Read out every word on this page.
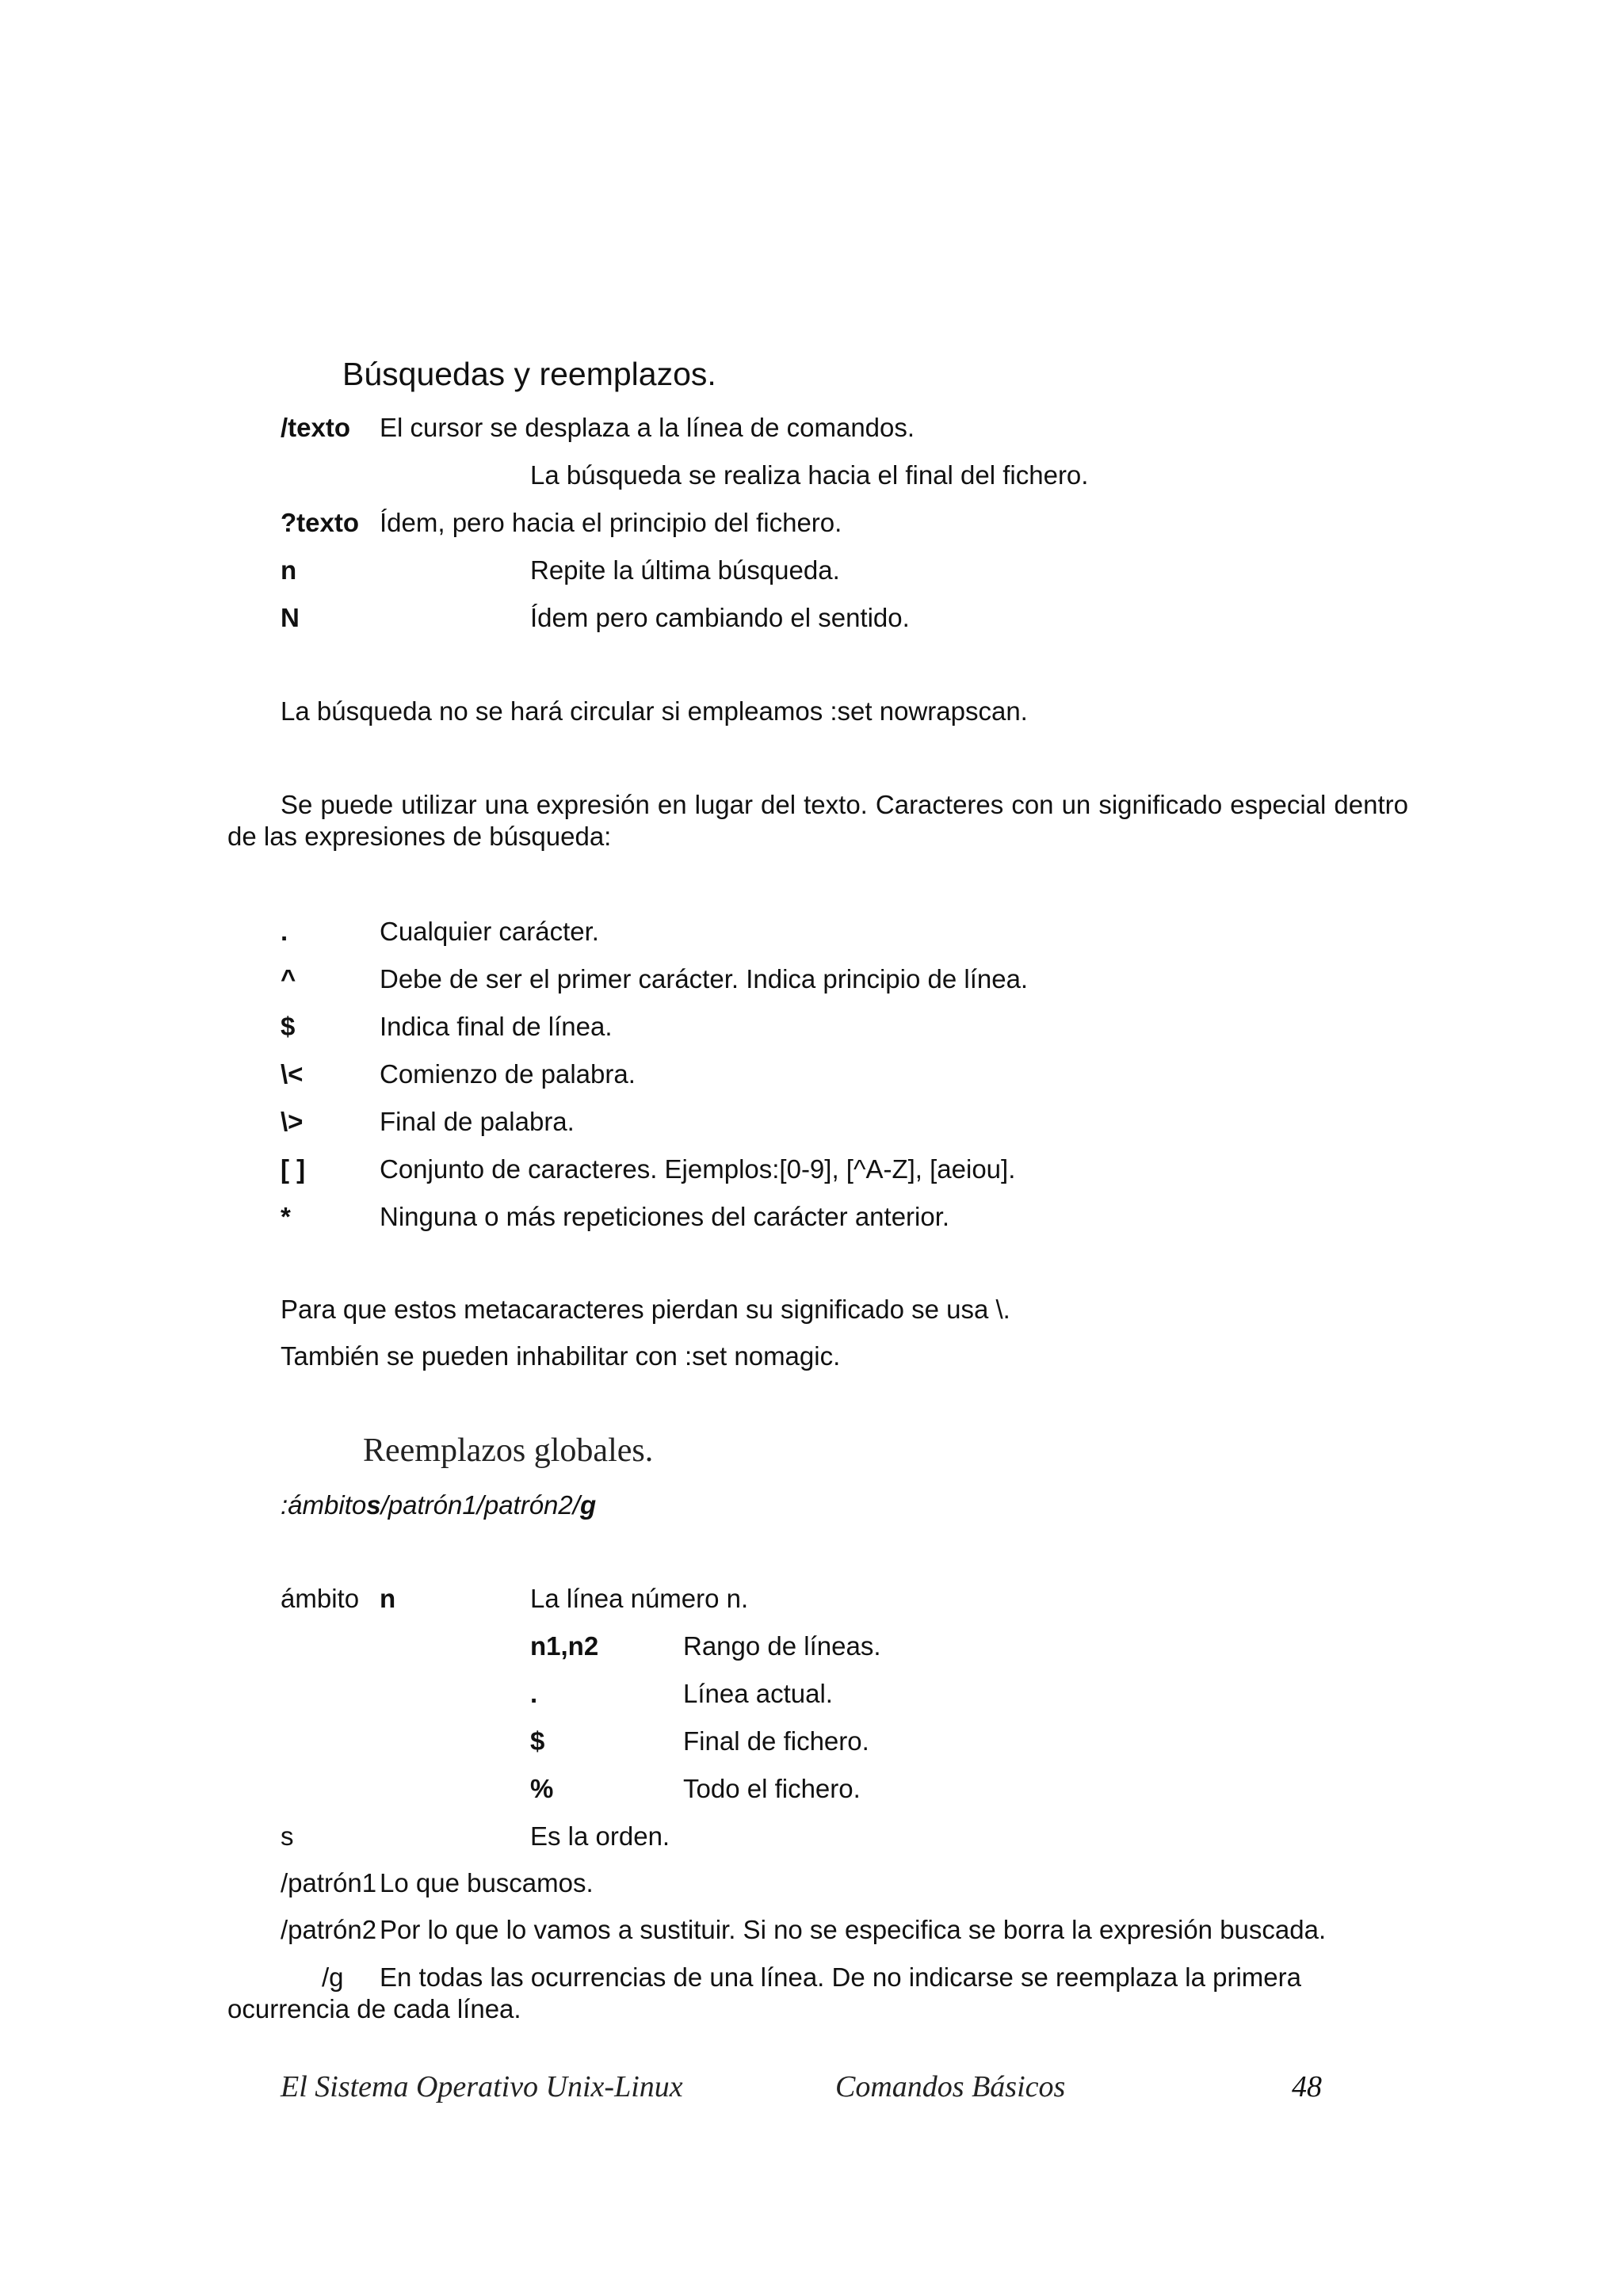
Búsquedas y reemplazos.
/texto El cursor se desplaza a la línea de comandos.
La búsqueda se realiza hacia el final del fichero.
?texto Ídem, pero hacia el principio del fichero.
n	Repite la última búsqueda.
N	Ídem pero cambiando el sentido.
La búsqueda no se hará circular si empleamos :set nowrapscan.
Se puede utilizar una expresión en lugar del texto. Caracteres con un significado especial dentro de las expresiones de búsqueda:
.	Cualquier carácter.
^	Debe de ser el primer carácter. Indica principio de línea.
$	Indica final de línea.
\<	Comienzo de palabra.
\>	Final de palabra.
[ ]	Conjunto de caracteres. Ejemplos:[0-9], [^A-Z], [aeiou].
*	Ninguna o más repeticiones del carácter anterior.
Para que estos metacaracteres pierdan su significado se usa \.
También se pueden inhabilitar con :set nomagic.
Reemplazos globales.
:ámbitos/patrón1/patrón2/g
ámbito n	La línea número n.
n1,n2	Rango de líneas.
.	Línea actual.
$	Final de fichero.
%	Todo el fichero.
s	Es la orden.
/patrón1 Lo que buscamos.
/patrón2 Por lo que lo vamos a sustituir. Si no se especifica se borra la expresión buscada.
/g En todas las ocurrencias de una línea. De no indicarse se reemplaza la primera
ocurrencia de cada línea.
El Sistema Operativo Unix-Linux	Comandos Básicos	48
